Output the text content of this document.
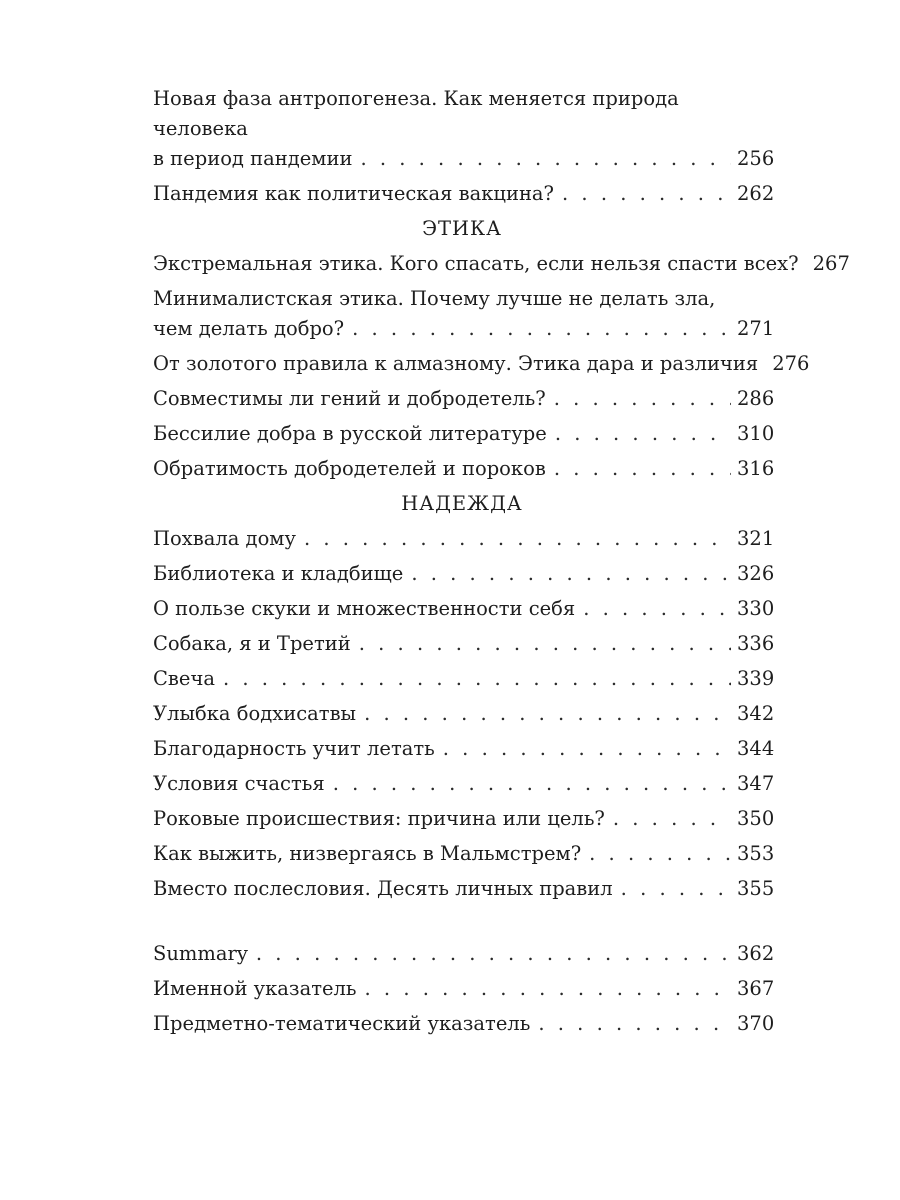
Новая фаза антропогенеза. Как меняется природа человека
в период пандемии . . .	256
Пандемия как политическая вакцина? . . .	262
ЭТИКА
Экстремальная этика. Кого спасать, если нельзя спасти всех? 267
Минималистская этика. Почему лучше не делать зла,
чем делать добро? . . .	271
От золотого правила к алмазному. Этика дара и различия 276
Совместимы ли гений и добродетель? . . .	286
Бессилие добра в русской литературе . . .	310
Обратимость добродетелей и пороков . . .	316
НАДЕЖДА
Похвала дому . . .	321
Библиотека и кладбище . . .	326
О пользе скуки и множественности себя . . .	330
Собака, я и Третий . . .	336
Свеча . . .	339
Улыбка бодхисатвы . . .	342
Благодарность учит летать . . .	344
Условия счастья . . .	347
Роковые происшествия: причина или цель? . . .	350
Как выжить, низвергаясь в Мальмстрем? . . .	353
Вместо послесловия. Десять личных правил . . .	355
Summary . . .	362
Именной указатель . . .	367
Предметно-тематический указатель . . .	370
